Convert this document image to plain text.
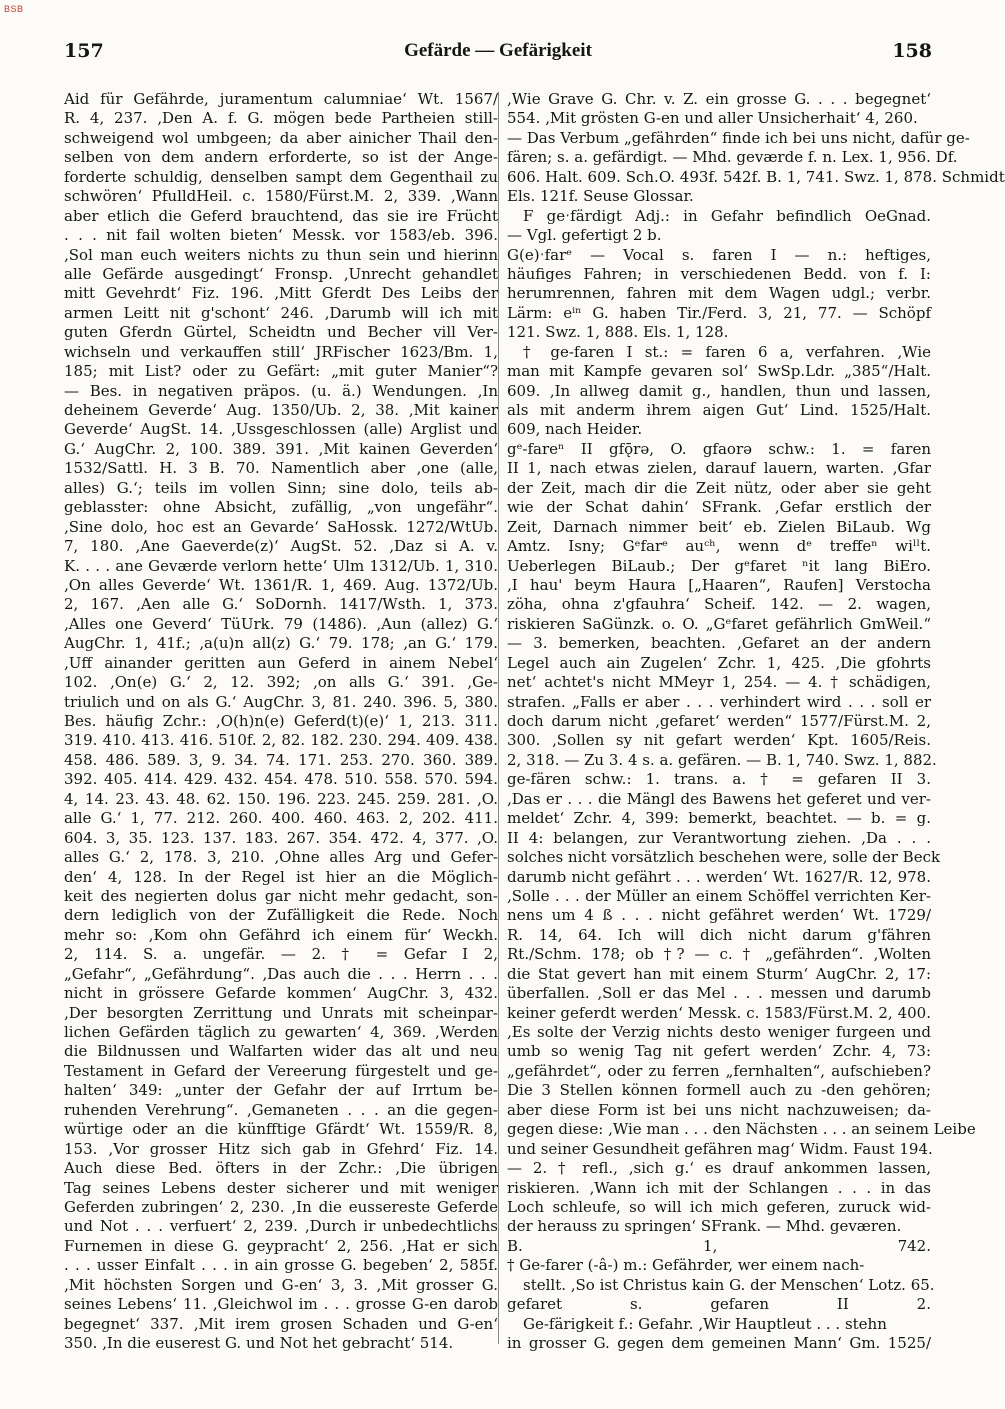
BSB
157	Gefärde — Gefärigkeit	158
Aid für Gefährde, juramentum calumniae‘ Wt. 1567/
R. 4, 237. ‚Den A. f. G. mögen bede Partheien still-
schweigend wol umbgeen; da aber ainicher Thail den-
selben von dem andern erforderte, so ist der Ange-
forderte schuldig, denselben sampt dem Gegenthail zu
schwören‘ PfulldHeil. c. 1580/Fürst.M. 2, 339. ‚Wann
aber etlich die Geferd brauchtend, das sie ire Frücht
. . . nit fail wolten bieten‘ Messk. vor 1583/eb. 396.
‚Sol man euch weiters nichts zu thun sein und hierinn
alle Gefärde ausgedingt‘ Fronsp. ‚Unrecht gehandlet
mitt Gevehrdt‘ Fiz. 196. ‚Mitt Gferdt Des Leibs der
armen Leitt nit g'schont‘ 246. ‚Darumb will ich mit
guten Gferdn Gürtel, Scheidtn und Becher vill Ver-
wichseln und verkauffen still‘ JRFischer 1623/Bm. 1,
185; mit List? oder zu Gefärt: „mit guter Manier“?
— Bes. in negativen präpos. (u. ä.) Wendungen. ‚In
deheinem Geverde‘ Aug. 1350/Ub. 2, 38. ‚Mit kainer
Geverde‘ AugSt. 14. ‚Ussgeschlossen (alle) Arglist und
G.‘ AugChr. 2, 100. 389. 391. ‚Mit kainen Geverden‘
1532/Sattl. H. 3 B. 70. Namentlich aber ‚one (alle,
alles) G.‘; teils im vollen Sinn; sine dolo, teils ab-
geblasster: ohne Absicht, zufällig, „von ungefähr“.
‚Sine dolo, hoc est an Gevarde‘ SaHossk. 1272/WtUb.
7, 180. ‚Ane Gaeverde(z)‘ AugSt. 52. ‚Daz si A. v.
K. . . . ane Geværde verlorn hette‘ Ulm 1312/Ub. 1, 310.
‚On alles Geverde‘ Wt. 1361/R. 1, 469. Aug. 1372/Ub.
2, 167. ‚Aen alle G.‘ SoDornh. 1417/Wsth. 1, 373.
‚Alles one Geverd‘ TüUrk. 79 (1486). ‚Aun (allez) G.‘
AugChr. 1, 41f.; ‚a(u)n all(z) G.‘ 79. 178; ‚an G.‘ 179.
‚Uff ainander geritten aun Geferd in ainem Nebel‘
102. ‚On(e) G.‘ 2, 12. 392; ‚on alls G.‘ 391. ‚Ge-
triulich und on als G.‘ AugChr. 3, 81. 240. 396. 5, 380.
Bes. häufig Zchr.: ‚O(h)n(e) Geferd(t)(e)‘ 1, 213. 311.
319. 410. 413. 416. 510f. 2, 82. 182. 230. 294. 409. 438.
458. 486. 589. 3, 9. 34. 74. 171. 253. 270. 360. 389.
392. 405. 414. 429. 432. 454. 478. 510. 558. 570. 594.
4, 14. 23. 43. 48. 62. 150. 196. 223. 245. 259. 281. ‚O.
alle G.‘ 1, 77. 212. 260. 400. 460. 463. 2, 202. 411.
604. 3, 35. 123. 137. 183. 267. 354. 472. 4, 377. ‚O.
alles G.‘ 2, 178. 3, 210. ‚Ohne alles Arg und Gefer-
den‘ 4, 128. In der Regel ist hier an die Möglich-
keit des negierten dolus gar nicht mehr gedacht, son-
dern lediglich von der Zufälligkeit die Rede. Noch
mehr so: ‚Kom ohn Gefährd ich einem für‘ Weckh.
2, 114. S. a. ungefär. — 2. † = Gefar I 2,
„Gefahr“, „Gefährdung“. ‚Das auch die . . . Herrn . . .
nicht in grössere Gefarde kommen‘ AugChr. 3, 432.
‚Der besorgten Zerrittung und Unrats mit scheinpar-
lichen Gefärden täglich zu gewarten‘ 4, 369. ‚Werden
die Bildnussen und Walfarten wider das alt und neu
Testament in Gefard der Vereerung fürgestelt und ge-
halten‘ 349: „unter der Gefahr der auf Irrtum be-
ruhenden Verehrung“. ‚Gemaneten . . . an die gegen-
würtige oder an die künfftige Gfärdt‘ Wt. 1559/R. 8,
153. ‚Vor grosser Hitz sich gab in Gfehrd‘ Fiz. 14.
Auch diese Bed. öfters in der Zchr.: ‚Die übrigen
Tag seines Lebens dester sicherer und mit weniger
Geferden zubringen‘ 2, 230. ‚In die eussereste Geferde
und Not . . . verfuert‘ 2, 239. ‚Durch ir unbedechtlichs
Furnemen in diese G. geypracht‘ 2, 256. ‚Hat er sich
. . . usser Einfalt . . . in ain grosse G. begeben‘ 2, 585f.
‚Mit höchsten Sorgen und G-en‘ 3, 3. ‚Mit grosser G.
seines Lebens‘ 11. ‚Gleichwol im . . . grosse G-en darob
begegnet‘ 337. ‚Mit irem grosen Schaden und G-en‘
350. ‚In die euserest G. und Not het gebracht‘ 514.
‚Wie Grave G. Chr. v. Z. ein grosse G. . . . begegnet‘
554. ‚Mit grösten G-en und aller Unsicherhait‘ 4, 260.
— Das Verbum „gefährden“ finde ich bei uns nicht, dafür ge-
fären; s. a. gefärdigt. — Mhd. geværde f. n. Lex. 1, 956. Df.
606. Halt. 609. Sch.O. 493f. 542f. B. 1, 741. Swz. 1, 878. Schmidt
Els. 121f. Seuse Glossar.
F geˑfärdigt Adj.: in Gefahr befindlich OeGnad.
— Vgl. gefertigt 2 b.
G(e)ˑfarᵉ — Vocal s. faren I — n.: heftiges,
häufiges Fahren; in verschiedenen Bedd. von f. I:
herumrennen, fahren mit dem Wagen udgl.; verbr.
Lärm: eⁱⁿ G. haben Tir./Ferd. 3, 21, 77. — Schöpf
121. Swz. 1, 888. Els. 1, 128.
† ge-faren I st.: = faren 6 a, verfahren. ‚Wie
man mit Kampfe gevaren sol‘ SwSp.Ldr. „385“/Halt.
609. ‚In allweg damit g., handlen, thun und lassen,
als mit anderm ihrem aigen Gut‘ Lind. 1525/Halt.
609, nach Heider.
gᵉ-fareⁿ II gfǭrə, O. gfaorə schw.: 1. = faren
II 1, nach etwas zielen, darauf lauern, warten. ‚Gfar
der Zeit, mach dir die Zeit nütz, oder aber sie geht
wie der Schat dahin‘ SFrank. ‚Gefar erstlich der
Zeit, Darnach nimmer beit‘ eb. Zielen BiLaub. Wg
Amtz. Isny; Gᵉfarᵉ auᶜʰ, wenn dᵉ treffeⁿ wiˡˡt.
Ueberlegen BiLaub.; Der gᵉfaret ⁿit lang BiEro.
‚I hau' beym Haura [„Haaren“, Raufen] Verstocha
zöha, ohna z'gfauhra‘ Scheif. 142. — 2. wagen,
riskieren SaGünzk. o. O. „Gᵉfaret gefährlich GmWeil.“
— 3. bemerken, beachten. ‚Gefaret an der andern
Legel auch ain Zugelen‘ Zchr. 1, 425. ‚Die gfohrts
net‘ achtet's nicht MMeyr 1, 254. — 4. † schädigen,
strafen. „Falls er aber . . . verhindert wird . . . soll er
doch darum nicht ‚gefaret‘ werden“ 1577/Fürst.M. 2,
300. ‚Sollen sy nit gefart werden‘ Kpt. 1605/Reis.
2, 318. — Zu 3. 4 s. a. gefären. — B. 1, 740. Swz. 1, 882.
ge-fären schw.: 1. trans. a. † = gefaren II 3.
‚Das er . . . die Mängl des Bawens het geferet und ver-
meldet‘ Zchr. 4, 399: bemerkt, beachtet. — b. = g.
II 4: belangen, zur Verantwortung ziehen. ‚Da . . .
solches nicht vorsätzlich beschehen were, solle der Beck
darumb nicht gefährt . . . werden‘ Wt. 1627/R. 12, 978.
‚Solle . . . der Müller an einem Schöffel verrichten Ker-
nens um 4 ß . . . nicht gefähret werden‘ Wt. 1729/
R. 14, 64. Ich will dich nicht darum g'fähren
Rt./Schm. 178; ob †? — c. † „gefährden“. ‚Wolten
die Stat gevert han mit einem Sturm‘ AugChr. 2, 17:
überfallen. ‚Soll er das Mel . . . messen und darumb
keiner geferdt werden‘ Messk. c. 1583/Fürst.M. 2, 400.
‚Es solte der Verzig nichts desto weniger furgeen und
umb so wenig Tag nit gefert werden‘ Zchr. 4, 73:
„gefährdet“, oder zu ferren „fernhalten“, aufschieben?
Die 3 Stellen können formell auch zu -den gehören;
aber diese Form ist bei uns nicht nachzuweisen; da-
gegen diese: ‚Wie man . . . den Nächsten . . . an seinem Leibe
und seiner Gesundheit gefähren mag‘ Widm. Faust 194.
— 2. † refl., ‚sich g.‘ es drauf ankommen lassen,
riskieren. ‚Wann ich mit der Schlangen . . . in das
Loch schleufe, so will ich mich geferen, zuruck wid-
der herauss zu springen‘ SFrank. — Mhd. geværen.
B. 1, 742.
† Ge-farer (-â-) m.: Gefährder, wer einem nach-
stellt. ‚So ist Christus kain G. der Menschen‘ Lotz. 65.
gefaret s. gefaren II 2.
Ge-färigkeit f.: Gefahr. ‚Wir Hauptleut . . . stehn
in grosser G. gegen dem gemeinen Mann‘ Gm. 1525/
